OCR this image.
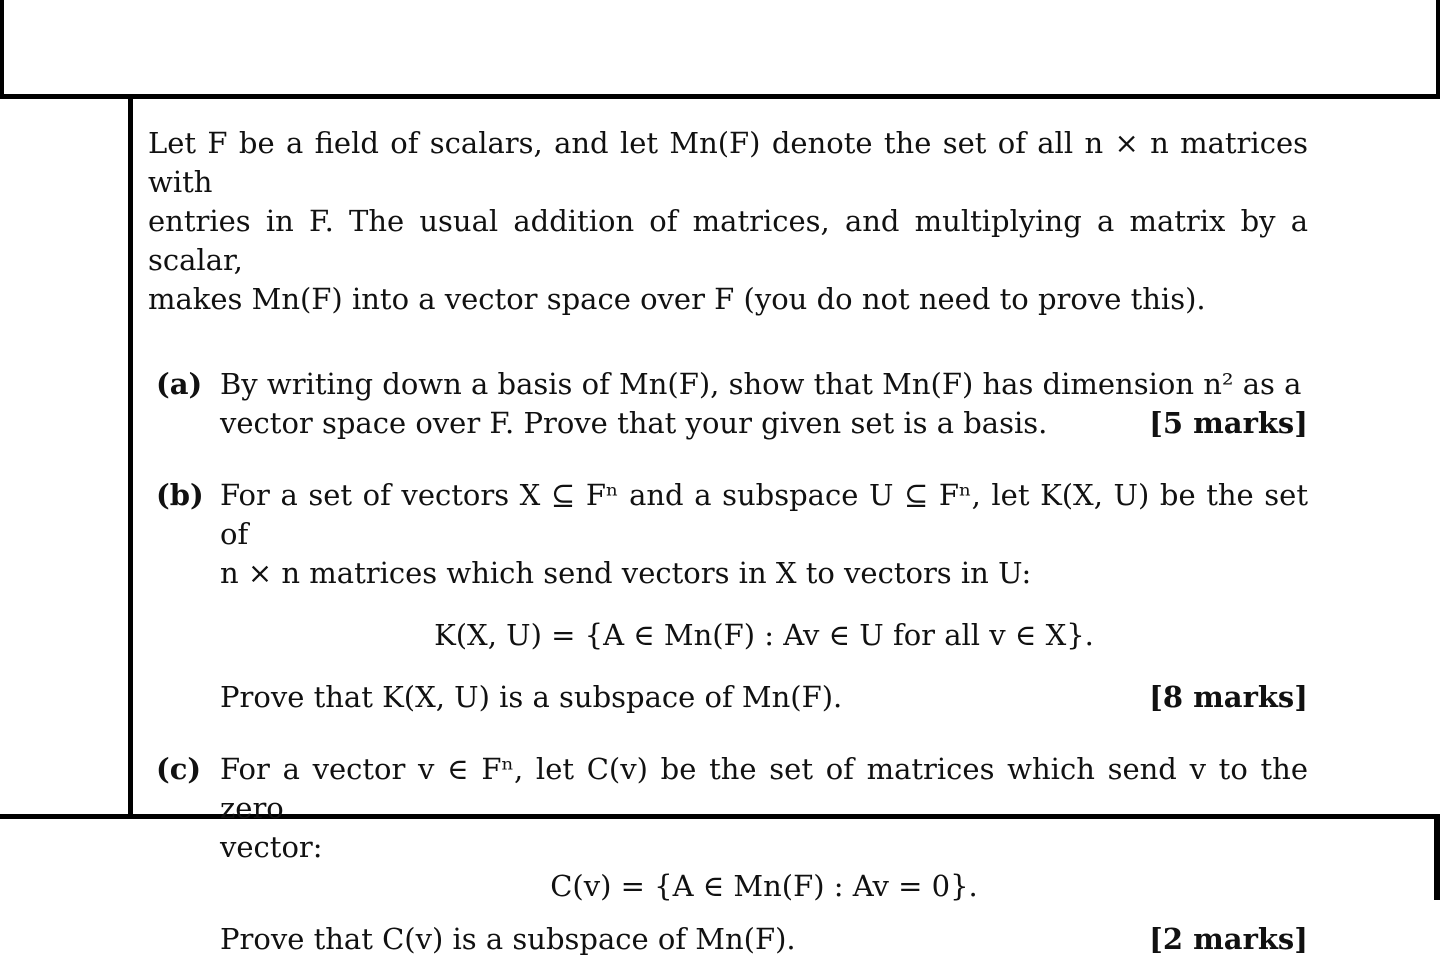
Let F be a field of scalars, and let Mn(F) denote the set of all n × n matrices with
entries in F. The usual addition of matrices, and multiplying a matrix by a scalar,
makes Mn(F) into a vector space over F (you do not need to prove this).
(a) By writing down a basis of Mn(F), show that Mn(F) has dimension n² as a
vector space over F. Prove that your given set is a basis.	[5 marks]
(b) For a set of vectors X ⊆ Fⁿ and a subspace U ⊆ Fⁿ, let K(X, U) be the set of
n × n matrices which send vectors in X to vectors in U:
K(X, U) = {A ∈ Mn(F) : Av ∈ U for all v ∈ X}.
Prove that K(X, U) is a subspace of Mn(F).	[8 marks]
(c) For a vector v ∈ Fⁿ, let C(v) be the set of matrices which send v to the zero
vector:
C(v) = {A ∈ Mn(F) : Av = 0}.
Prove that C(v) is a subspace of Mn(F).	[2 marks]
